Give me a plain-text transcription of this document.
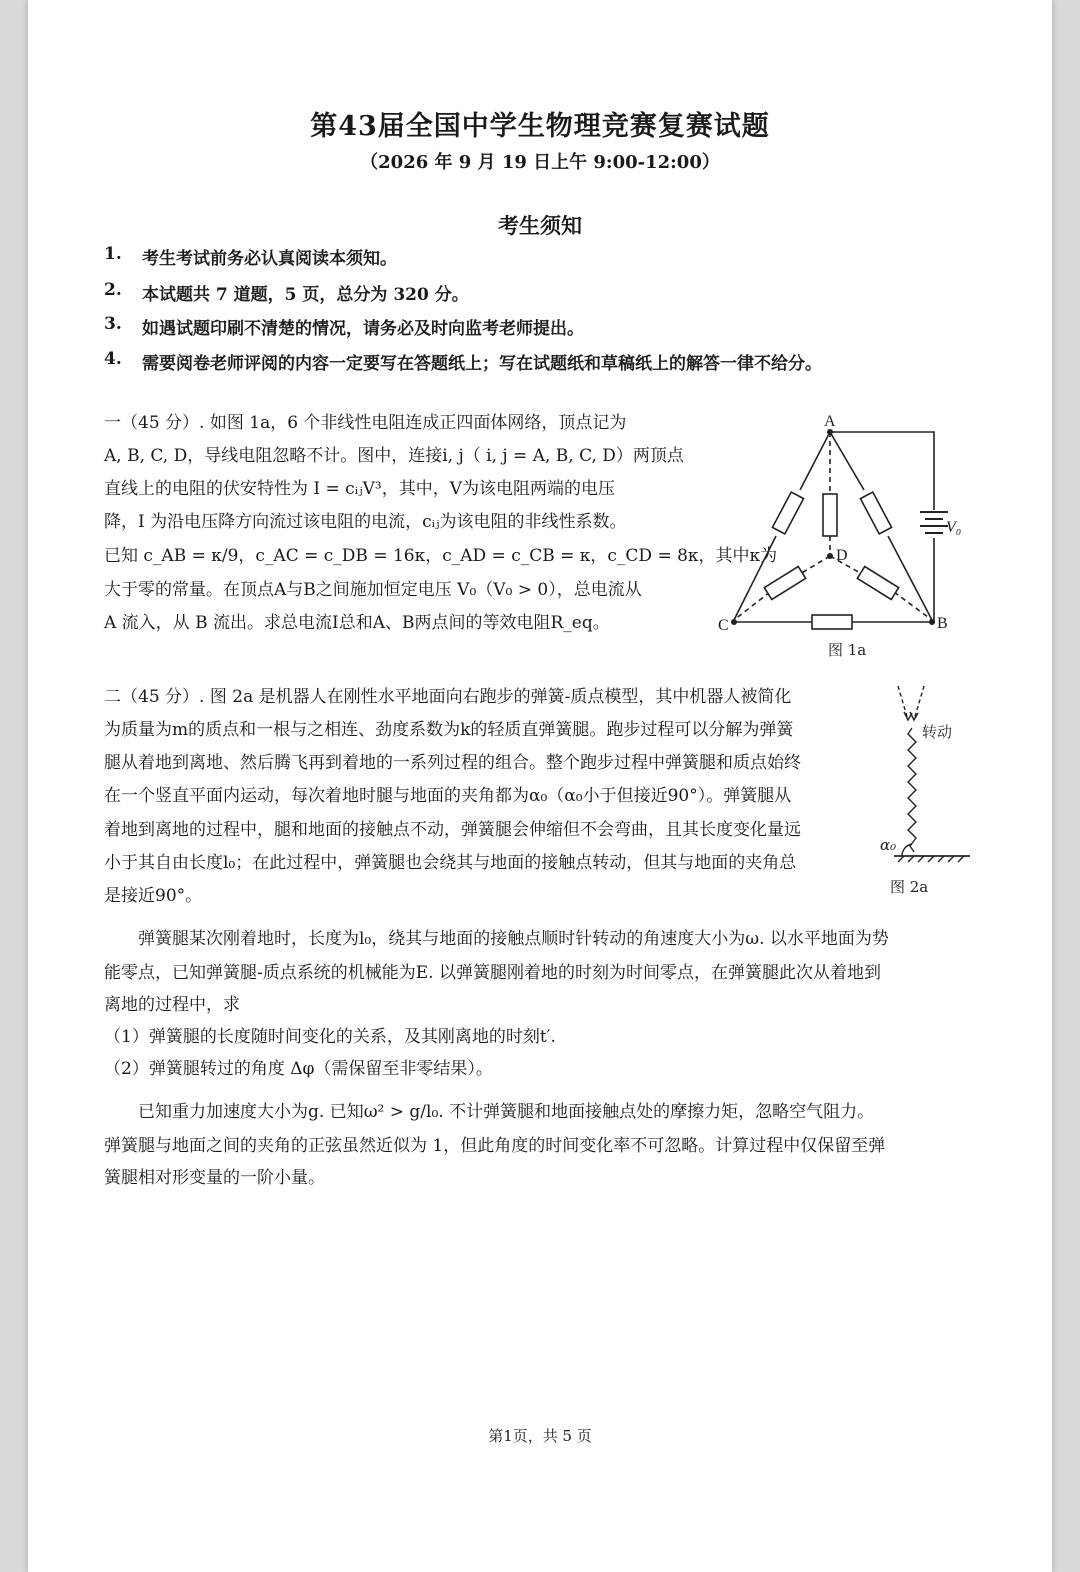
第43届全国中学生物理竞赛复赛试题
（2026 年 9 月 19 日上午 9:00-12:00）
考生须知
1. 考生考试前务必认真阅读本须知。
2. 本试题共 7 道题，5 页，总分为 320 分。
3. 如遇试题印刷不清楚的情况，请务必及时向监考老师提出。
4. 需要阅卷老师评阅的内容一定要写在答题纸上；写在试题纸和草稿纸上的解答一律不给分。
一（45 分）. 如图 1a，6 个非线性电阻连成正四面体网络，顶点记为
A, B, C, D，导线电阻忽略不计。图中，连接i, j（ i, j = A, B, C, D）两顶点
直线上的电阻的伏安特性为 I = cᵢⱼV³，其中，V为该电阻两端的电压
降，I 为沿电压降方向流过该电阻的电流，cᵢⱼ为该电阻的非线性系数。
已知 c_AB = κ/9，c_AC = c_DB = 16κ，c_AD = c_CB = κ，c_CD = 8κ，其中κ为
大于零的常量。在顶点A与B之间施加恒定电压 V₀（V₀ > 0），总电流从
A 流入，从 B 流出。求总电流I总和A、B两点间的等效电阻R_eq。
A
B
C
D
V₀
图 1a
二（45 分）. 图 2a 是机器人在刚性水平地面向右跑步的弹簧-质点模型，其中机器人被简化
为质量为m的质点和一根与之相连、劲度系数为k的轻质直弹簧腿。跑步过程可以分解为弹簧
腿从着地到离地、然后腾飞再到着地的一系列过程的组合。整个跑步过程中弹簧腿和质点始终
在一个竖直平面内运动，每次着地时腿与地面的夹角都为α₀（α₀小于但接近90°）。弹簧腿从
着地到离地的过程中，腿和地面的接触点不动，弹簧腿会伸缩但不会弯曲，且其长度变化量远
小于其自由长度l₀；在此过程中，弹簧腿也会绕其与地面的接触点转动，但其与地面的夹角总
是接近90°。
弹簧腿某次刚着地时，长度为l₀，绕其与地面的接触点顺时针转动的角速度大小为ω. 以水平地面为势
能零点，已知弹簧腿-质点系统的机械能为E. 以弹簧腿刚着地的时刻为时间零点，在弹簧腿此次从着地到
离地的过程中，求
（1）弹簧腿的长度随时间变化的关系，及其刚离地的时刻t′.
（2）弹簧腿转过的角度 Δφ（需保留至非零结果）。
已知重力加速度大小为g. 已知ω² > g/l₀. 不计弹簧腿和地面接触点处的摩擦力矩，忽略空气阻力。
弹簧腿与地面之间的夹角的正弦虽然近似为 1，但此角度的时间变化率不可忽略。计算过程中仅保留至弹
簧腿相对形变量的一阶小量。
转动
α₀
图 2a
第1页，共 5 页
